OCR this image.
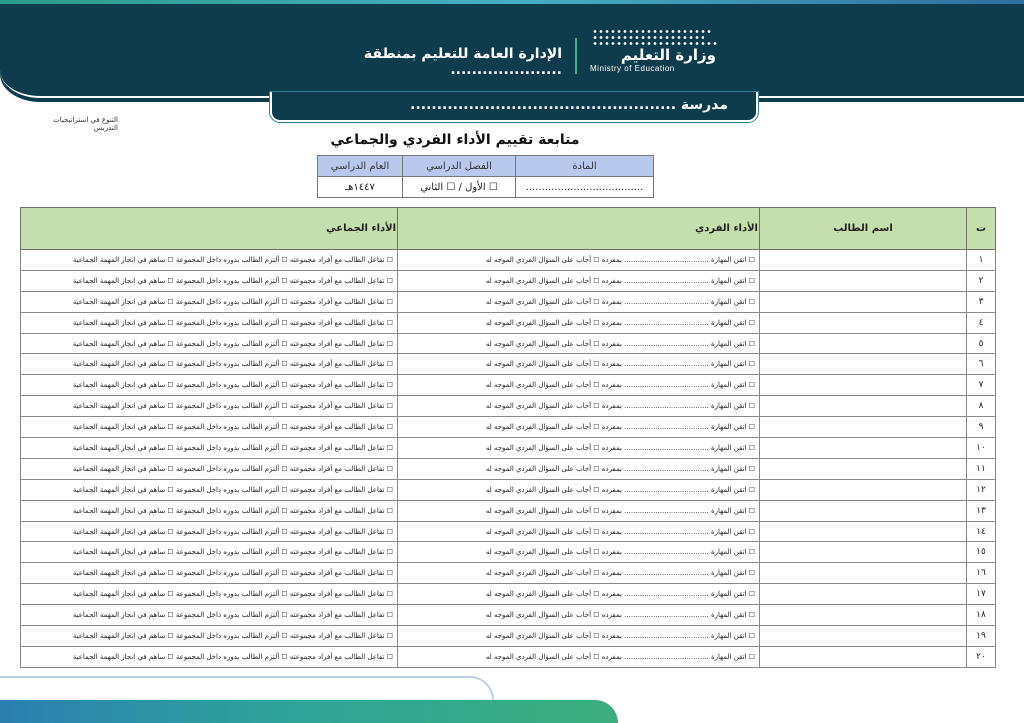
وزارة التعليم
Ministry of Education
الإدارة العامة للتعليم بمنطقة .....................
مدرسة ..................................................
التنوع في استراتيجيات التدريس
متابعة تقييم الأداء الفردي والجماعي
المادة	الفصل الدراسي	العام الدراسي
.....................................	☐ الأول / ☐ الثاني	١٤٤٧هـ
ت	اسم الطالب	الأداء الفردي	الأداء الجماعي
١		☐ اتقن المهارة ...................................... بمفرده ☐ أجاب على السؤال الفردي الموجه له	☐ تفاعل الطالب مع أفراد مجموعته ☐ ألتزم الطالب بدوره داخل المجموعة ☐ ساهم في انجاز المهمة الجماعية
٢		☐ اتقن المهارة ...................................... بمفرده ☐ أجاب على السؤال الفردي الموجه له	☐ تفاعل الطالب مع أفراد مجموعته ☐ ألتزم الطالب بدوره داخل المجموعة ☐ ساهم في انجاز المهمة الجماعية
٣		☐ اتقن المهارة ...................................... بمفرده ☐ أجاب على السؤال الفردي الموجه له	☐ تفاعل الطالب مع أفراد مجموعته ☐ ألتزم الطالب بدوره داخل المجموعة ☐ ساهم في انجاز المهمة الجماعية
٤		☐ اتقن المهارة ...................................... بمفرده ☐ أجاب على السؤال الفردي الموجه له	☐ تفاعل الطالب مع أفراد مجموعته ☐ ألتزم الطالب بدوره داخل المجموعة ☐ ساهم في انجاز المهمة الجماعية
٥		☐ اتقن المهارة ...................................... بمفرده ☐ أجاب على السؤال الفردي الموجه له	☐ تفاعل الطالب مع أفراد مجموعته ☐ ألتزم الطالب بدوره داخل المجموعة ☐ ساهم في انجاز المهمة الجماعية
٦		☐ اتقن المهارة ...................................... بمفرده ☐ أجاب على السؤال الفردي الموجه له	☐ تفاعل الطالب مع أفراد مجموعته ☐ ألتزم الطالب بدوره داخل المجموعة ☐ ساهم في انجاز المهمة الجماعية
٧		☐ اتقن المهارة ...................................... بمفرده ☐ أجاب على السؤال الفردي الموجه له	☐ تفاعل الطالب مع أفراد مجموعته ☐ ألتزم الطالب بدوره داخل المجموعة ☐ ساهم في انجاز المهمة الجماعية
٨		☐ اتقن المهارة ...................................... بمفرده ☐ أجاب على السؤال الفردي الموجه له	☐ تفاعل الطالب مع أفراد مجموعته ☐ ألتزم الطالب بدوره داخل المجموعة ☐ ساهم في انجاز المهمة الجماعية
٩		☐ اتقن المهارة ...................................... بمفرده ☐ أجاب على السؤال الفردي الموجه له	☐ تفاعل الطالب مع أفراد مجموعته ☐ ألتزم الطالب بدوره داخل المجموعة ☐ ساهم في انجاز المهمة الجماعية
١٠		☐ اتقن المهارة ...................................... بمفرده ☐ أجاب على السؤال الفردي الموجه له	☐ تفاعل الطالب مع أفراد مجموعته ☐ ألتزم الطالب بدوره داخل المجموعة ☐ ساهم في انجاز المهمة الجماعية
١١		☐ اتقن المهارة ...................................... بمفرده ☐ أجاب على السؤال الفردي الموجه له	☐ تفاعل الطالب مع أفراد مجموعته ☐ ألتزم الطالب بدوره داخل المجموعة ☐ ساهم في انجاز المهمة الجماعية
١٢		☐ اتقن المهارة ...................................... بمفرده ☐ أجاب على السؤال الفردي الموجه له	☐ تفاعل الطالب مع أفراد مجموعته ☐ ألتزم الطالب بدوره داخل المجموعة ☐ ساهم في انجاز المهمة الجماعية
١٣		☐ اتقن المهارة ...................................... بمفرده ☐ أجاب على السؤال الفردي الموجه له	☐ تفاعل الطالب مع أفراد مجموعته ☐ ألتزم الطالب بدوره داخل المجموعة ☐ ساهم في انجاز المهمة الجماعية
١٤		☐ اتقن المهارة ...................................... بمفرده ☐ أجاب على السؤال الفردي الموجه له	☐ تفاعل الطالب مع أفراد مجموعته ☐ ألتزم الطالب بدوره داخل المجموعة ☐ ساهم في انجاز المهمة الجماعية
١٥		☐ اتقن المهارة ...................................... بمفرده ☐ أجاب على السؤال الفردي الموجه له	☐ تفاعل الطالب مع أفراد مجموعته ☐ ألتزم الطالب بدوره داخل المجموعة ☐ ساهم في انجاز المهمة الجماعية
١٦		☐ اتقن المهارة ...................................... بمفرده ☐ أجاب على السؤال الفردي الموجه له	☐ تفاعل الطالب مع أفراد مجموعته ☐ ألتزم الطالب بدوره داخل المجموعة ☐ ساهم في انجاز المهمة الجماعية
١٧		☐ اتقن المهارة ...................................... بمفرده ☐ أجاب على السؤال الفردي الموجه له	☐ تفاعل الطالب مع أفراد مجموعته ☐ ألتزم الطالب بدوره داخل المجموعة ☐ ساهم في انجاز المهمة الجماعية
١٨		☐ اتقن المهارة ...................................... بمفرده ☐ أجاب على السؤال الفردي الموجه له	☐ تفاعل الطالب مع أفراد مجموعته ☐ ألتزم الطالب بدوره داخل المجموعة ☐ ساهم في انجاز المهمة الجماعية
١٩		☐ اتقن المهارة ...................................... بمفرده ☐ أجاب على السؤال الفردي الموجه له	☐ تفاعل الطالب مع أفراد مجموعته ☐ ألتزم الطالب بدوره داخل المجموعة ☐ ساهم في انجاز المهمة الجماعية
٢٠		☐ اتقن المهارة ...................................... بمفرده ☐ أجاب على السؤال الفردي الموجه له	☐ تفاعل الطالب مع أفراد مجموعته ☐ ألتزم الطالب بدوره داخل المجموعة ☐ ساهم في انجاز المهمة الجماعية
